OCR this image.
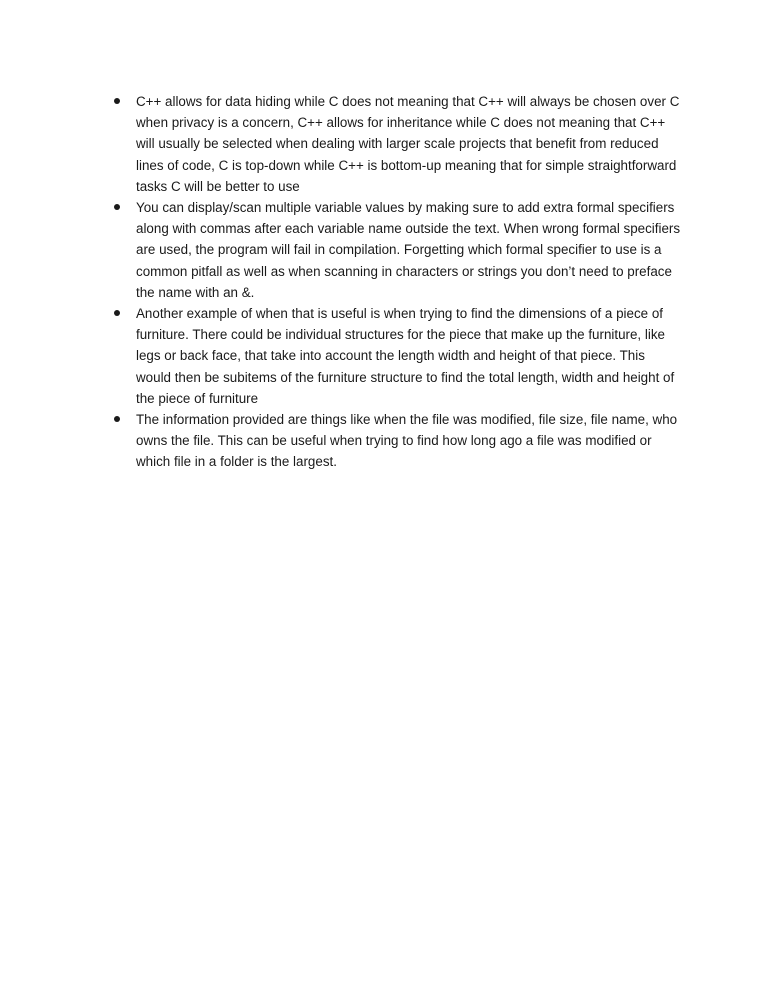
C++ allows for data hiding while C does not meaning that C++ will always be chosen over C when privacy is a concern, C++ allows for inheritance while C does not meaning that C++ will usually be selected when dealing with larger scale projects that benefit from reduced lines of code, C is top-down while C++ is bottom-up meaning that for simple straightforward tasks C will be better to use
You can display/scan multiple variable values by making sure to add extra formal specifiers along with commas after each variable name outside the text. When wrong formal specifiers are used, the program will fail in compilation. Forgetting which formal specifier to use is a common pitfall as well as when scanning in characters or strings you don’t need to preface the name with an &.
Another example of when that is useful is when trying to find the dimensions of a piece of furniture. There could be individual structures for the piece that make up the furniture, like legs or back face, that take into account the length width and height of that piece. This would then be subitems of the furniture structure to find the total length, width and height of the piece of furniture
The information provided are things like when the file was modified, file size, file name, who owns the file. This can be useful when trying to find how long ago a file was modified or which file in a folder is the largest.
